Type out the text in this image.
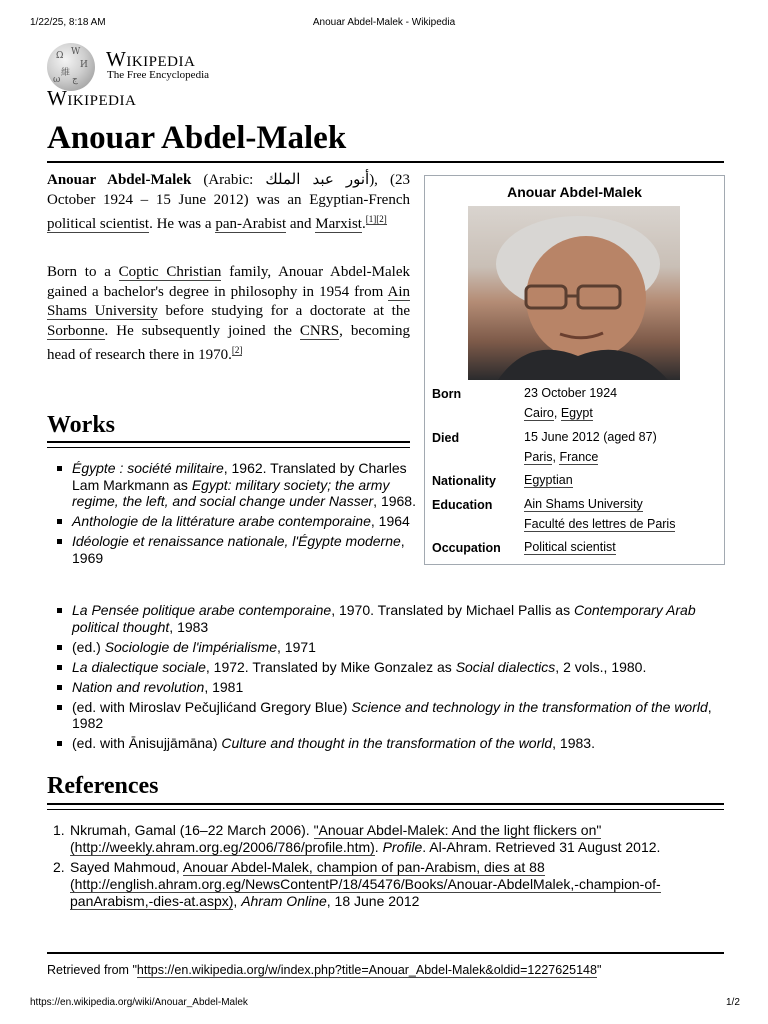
1/22/25, 8:18 AM	Anouar Abdel-Malek - Wikipedia
Ω W
И
維
ω ج
Wikipedia
The Free Encyclopedia
Wikipedia
Anouar Abdel-Malek
Anouar Abdel-Malek (Arabic: أنور عبد الملك), (23 October 1924 – 15 June 2012) was an Egyptian-French political scientist. He was a pan-Arabist and Marxist.[1][2]
Born to a Coptic Christian family, Anouar Abdel-Malek gained a bachelor's degree in philosophy in 1954 from Ain Shams University before studying for a doctorate at the Sorbonne. He subsequently joined the CNRS, becoming head of research there in 1970.[2]
Anouar Abdel-Malek
Born	23 October 1924
Cairo, Egypt
Died	15 June 2012 (aged 87)
Paris, France
Nationality Egyptian
Education	Ain Shams University
Faculté des lettres de Paris
Occupation Political scientist
Works
Égypte : société militaire, 1962. Translated by Charles Lam Markmann as Egypt: military society; the army regime, the left, and social change under Nasser, 1968.
Anthologie de la littérature arabe contemporaine, 1964
Idéologie et renaissance nationale, l'Égypte moderne, 1969
La Pensée politique arabe contemporaine, 1970. Translated by Michael Pallis as Contemporary Arab political thought, 1983
(ed.) Sociologie de l'impérialisme, 1971
La dialectique sociale, 1972. Translated by Mike Gonzalez as Social dialectics, 2 vols., 1980.
Nation and revolution, 1981
(ed. with Miroslav Pečujlićand Gregory Blue) Science and technology in the transformation of the world, 1982
(ed. with Ānisujjāmāna) Culture and thought in the transformation of the world, 1983.
References
1. Nkrumah, Gamal (16–22 March 2006). "Anouar Abdel-Malek: And the light flickers on" (http://weekly.ahram.org.eg/2006/786/profile.htm). Profile. Al-Ahram. Retrieved 31 August 2012.
2. Sayed Mahmoud, Anouar Abdel-Malek, champion of pan-Arabism, dies at 88 (http://english.ahram.org.eg/NewsContentP/18/45476/Books/Anouar-AbdelMalek,-champion-of-panArabism,-dies-at.aspx), Ahram Online, 18 June 2012
Retrieved from "https://en.wikipedia.org/w/index.php?title=Anouar_Abdel-Malek&oldid=1227625148"
https://en.wikipedia.org/wiki/Anouar_Abdel-Malek	1/2
